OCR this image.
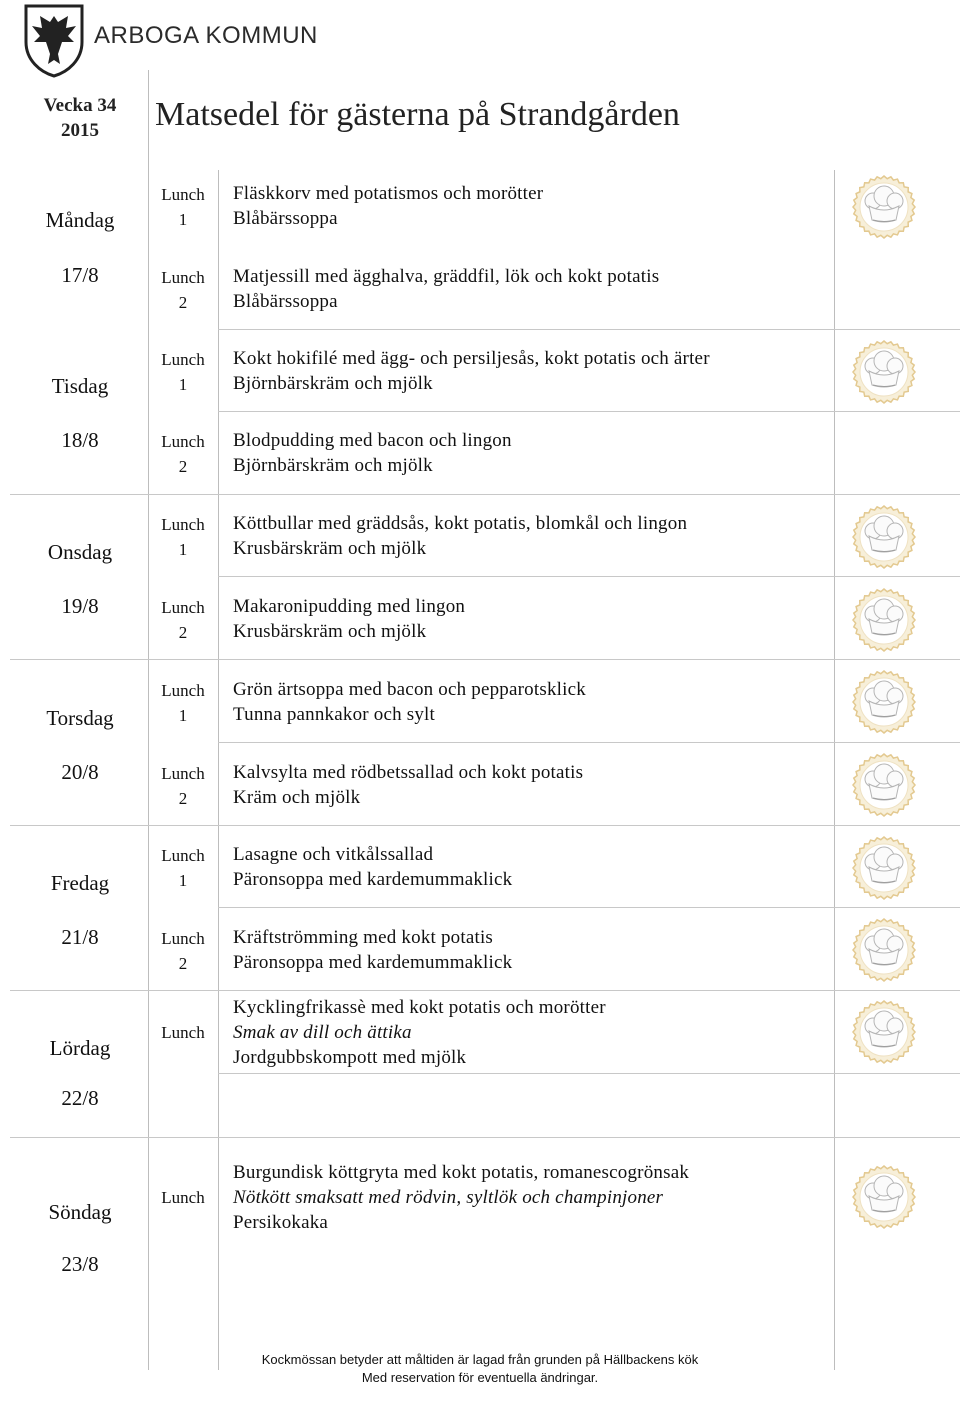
ARBOGA KOMMUN
Vecka 34
2015	Matsedel för gästerna på Strandgården
Måndag
17/8
Lunch
1
Fläskkorv med potatismos och morötter
Blåbärssoppa
Lunch
2
Matjessill med ägghalva, gräddfil, lök och kokt potatis
Blåbärssoppa
Tisdag
18/8
Lunch
1
Kokt hokifilé med ägg- och persiljesås, kokt potatis och ärter
Björnbärskräm och mjölk
Lunch
2
Blodpudding med bacon och lingon
Björnbärskräm och mjölk
Onsdag
19/8
Lunch
1
Köttbullar med gräddsås, kokt potatis, blomkål och lingon
Krusbärskräm och mjölk
Lunch
2
Makaronipudding med lingon
Krusbärskräm och mjölk
Torsdag
20/8
Lunch
1
Grön ärtsoppa med bacon och pepparotsklick
Tunna pannkakor och sylt
Lunch
2
Kalvsylta med rödbetssallad och kokt potatis
Kräm och mjölk
Fredag
21/8
Lunch
1
Lasagne och vitkålssallad
Päronsoppa med kardemummaklick
Lunch
2
Kräftströmming med kokt potatis
Päronsoppa med kardemummaklick
Lördag
22/8
Lunch
Kycklingfrikassè med kokt potatis och morötter
Smak av dill och ättika
Jordgubbskompott med mjölk
Söndag
23/8
Lunch
Burgundisk köttgryta med kokt potatis, romanescogrönsak
Nötkött smaksatt med rödvin, syltlök och champinjoner
Persikokaka
Kockmössan betyder att måltiden är lagad från grunden på Hällbackens kök
Med reservation för eventuella ändringar.
